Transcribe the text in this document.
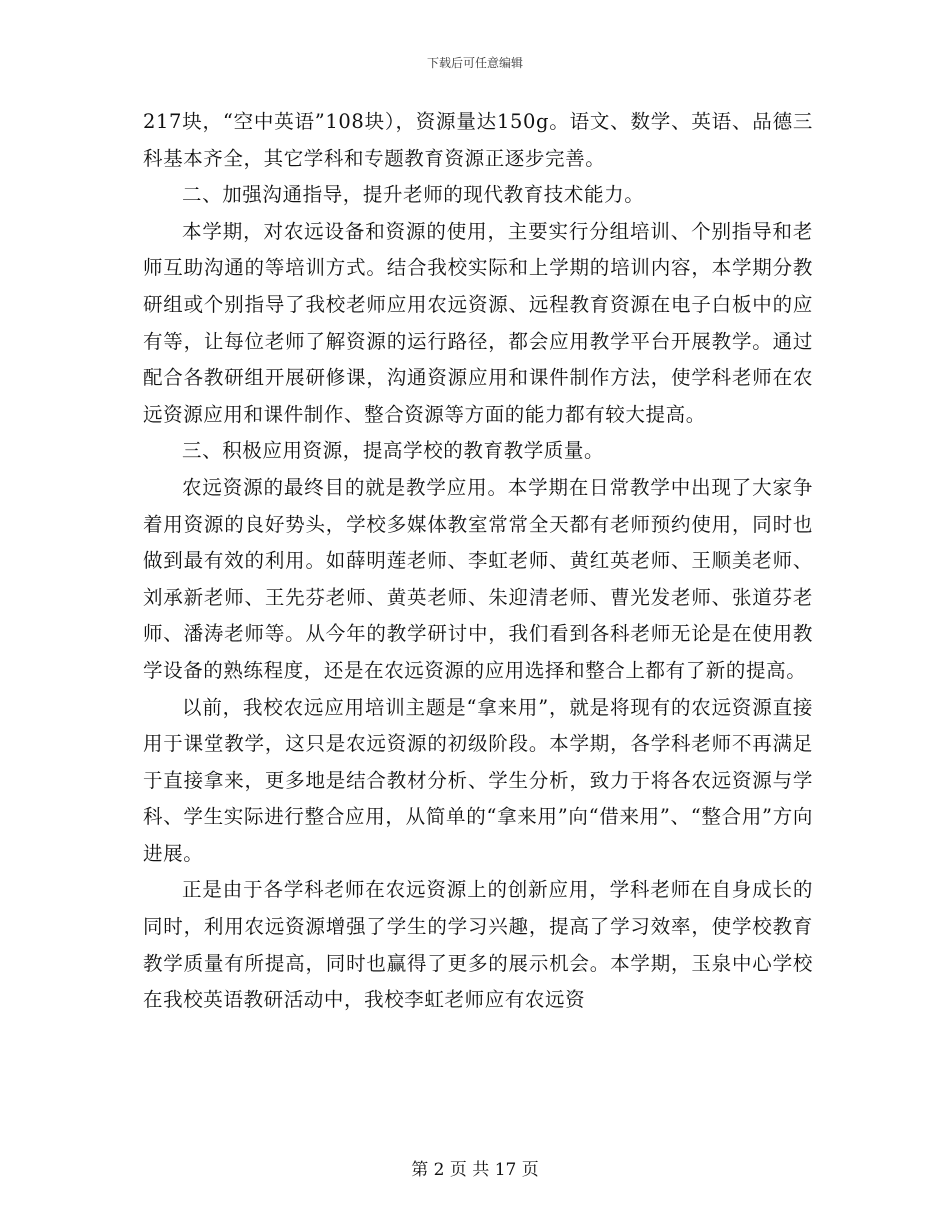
下载后可任意编辑

217块，“空中英语”108块），资源量达150g。语文、数学、英语、品德三科基本齐全，其它学科和专题教育资源正逐步完善。

二、加强沟通指导，提升老师的现代教育技术能力。

本学期，对农远设备和资源的使用，主要实行分组培训、个别指导和老师互助沟通的等培训方式。结合我校实际和上学期的培训内容，本学期分教研组或个别指导了我校老师应用农远资源、远程教育资源在电子白板中的应有等，让每位老师了解资源的运行路径，都会应用教学平台开展教学。通过配合各教研组开展研修课，沟通资源应用和课件制作方法，使学科老师在农远资源应用和课件制作、整合资源等方面的能力都有较大提高。

三、积极应用资源，提高学校的教育教学质量。

农远资源的最终目的就是教学应用。本学期在日常教学中出现了大家争着用资源的良好势头，学校多媒体教室常常全天都有老师预约使用，同时也做到最有效的利用。如薛明莲老师、李虹老师、黄红英老师、王顺美老师、刘承新老师、王先芬老师、黄英老师、朱迎清老师、曹光发老师、张道芬老师、潘涛老师等。从今年的教学研讨中，我们看到各科老师无论是在使用教学设备的熟练程度，还是在农远资源的应用选择和整合上都有了新的提高。

以前，我校农远应用培训主题是“拿来用”，就是将现有的农远资源直接用于课堂教学，这只是农远资源的初级阶段。本学期，各学科老师不再满足于直接拿来，更多地是结合教材分析、学生分析，致力于将各农远资源与学科、学生实际进行整合应用，从简单的“拿来用”向“借来用”、“整合用”方向进展。

正是由于各学科老师在农远资源上的创新应用，学科老师在自身成长的同时，利用农远资源增强了学生的学习兴趣，提高了学习效率，使学校教育教学质量有所提高，同时也赢得了更多的展示机会。本学期，玉泉中心学校在我校英语教研活动中，我校李虹老师应有农远资

第 2 页 共 17 页
